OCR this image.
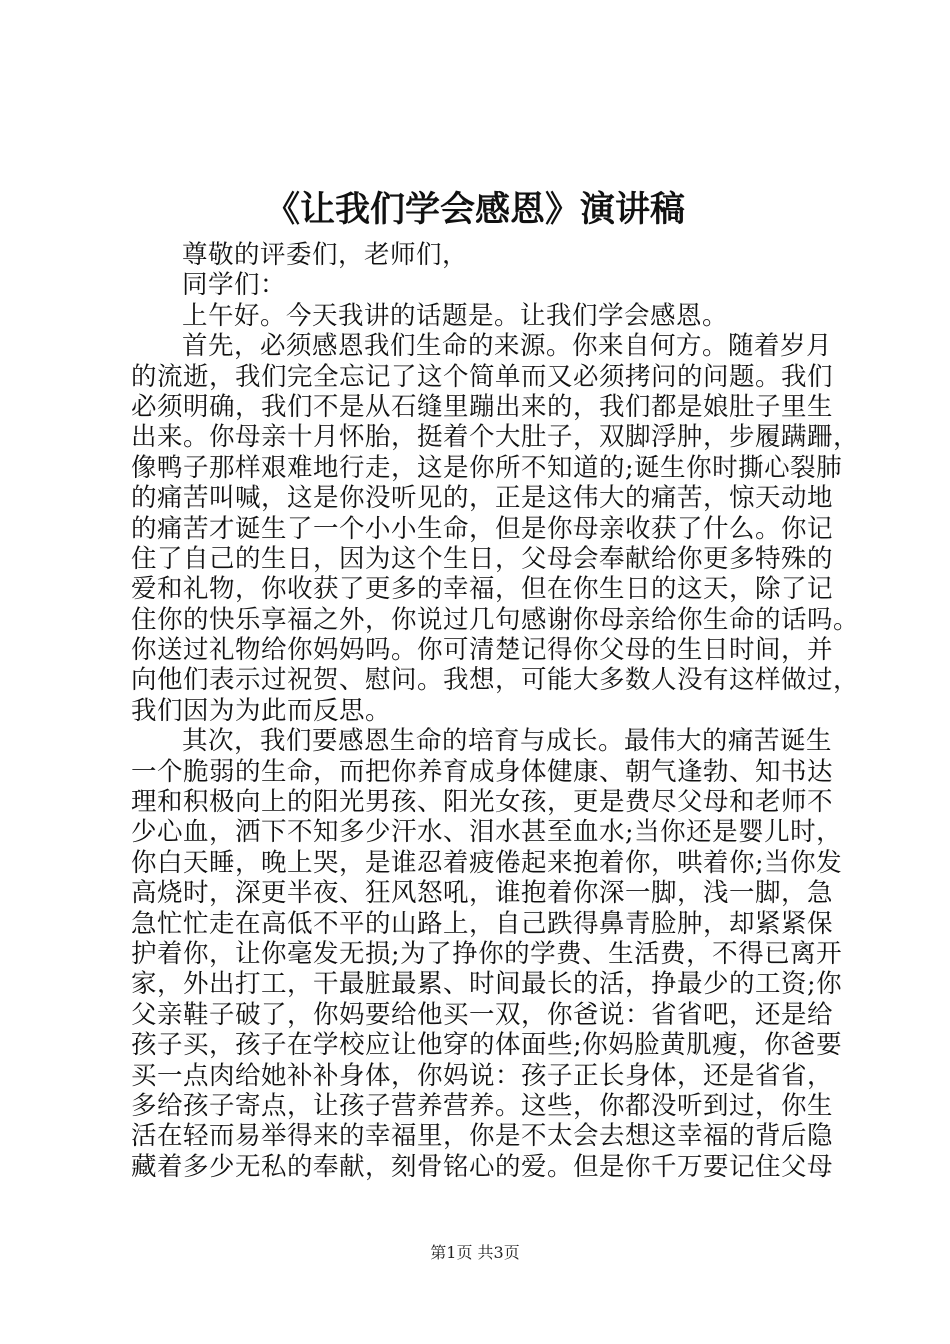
《让我们学会感恩》演讲稿
尊敬的评委们，老师们，
同学们：
上午好。今天我讲的话题是。让我们学会感恩。
首先，必须感恩我们生命的来源。你来自何方。随着岁月
的流逝，我们完全忘记了这个简单而又必须拷问的问题。我们
必须明确，我们不是从石缝里蹦出来的，我们都是娘肚子里生
出来。你母亲十月怀胎，挺着个大肚子，双脚浮肿，步履蹒跚，
像鸭子那样艰难地行走，这是你所不知道的;诞生你时撕心裂肺
的痛苦叫喊，这是你没听见的，正是这伟大的痛苦，惊天动地
的痛苦才诞生了一个小小生命，但是你母亲收获了什么。你记
住了自己的生日，因为这个生日，父母会奉献给你更多特殊的
爱和礼物，你收获了更多的幸福，但在你生日的这天，除了记
住你的快乐享福之外，你说过几句感谢你母亲给你生命的话吗。
你送过礼物给你妈妈吗。你可清楚记得你父母的生日时间，并
向他们表示过祝贺、慰问。我想，可能大多数人没有这样做过，
我们因为为此而反思。
其次，我们要感恩生命的培育与成长。最伟大的痛苦诞生
一个脆弱的生命，而把你养育成身体健康、朝气逢勃、知书达
理和积极向上的阳光男孩、阳光女孩，更是费尽父母和老师不
少心血，洒下不知多少汗水、泪水甚至血水;当你还是婴儿时，
你白天睡，晚上哭，是谁忍着疲倦起来抱着你，哄着你;当你发
高烧时，深更半夜、狂风怒吼，谁抱着你深一脚，浅一脚，急
急忙忙走在高低不平的山路上，自己跌得鼻青脸肿，却紧紧保
护着你，让你毫发无损;为了挣你的学费、生活费，不得已离开
家，外出打工，干最脏最累、时间最长的活，挣最少的工资;你
父亲鞋子破了，你妈要给他买一双，你爸说：省省吧，还是给
孩子买，孩子在学校应让他穿的体面些;你妈脸黄肌瘦，你爸要
买一点肉给她补补身体，你妈说：孩子正长身体，还是省省，
多给孩子寄点，让孩子营养营养。这些，你都没听到过，你生
活在轻而易举得来的幸福里，你是不太会去想这幸福的背后隐
藏着多少无私的奉献，刻骨铭心的爱。但是你千万要记住父母
第1页 共3页
